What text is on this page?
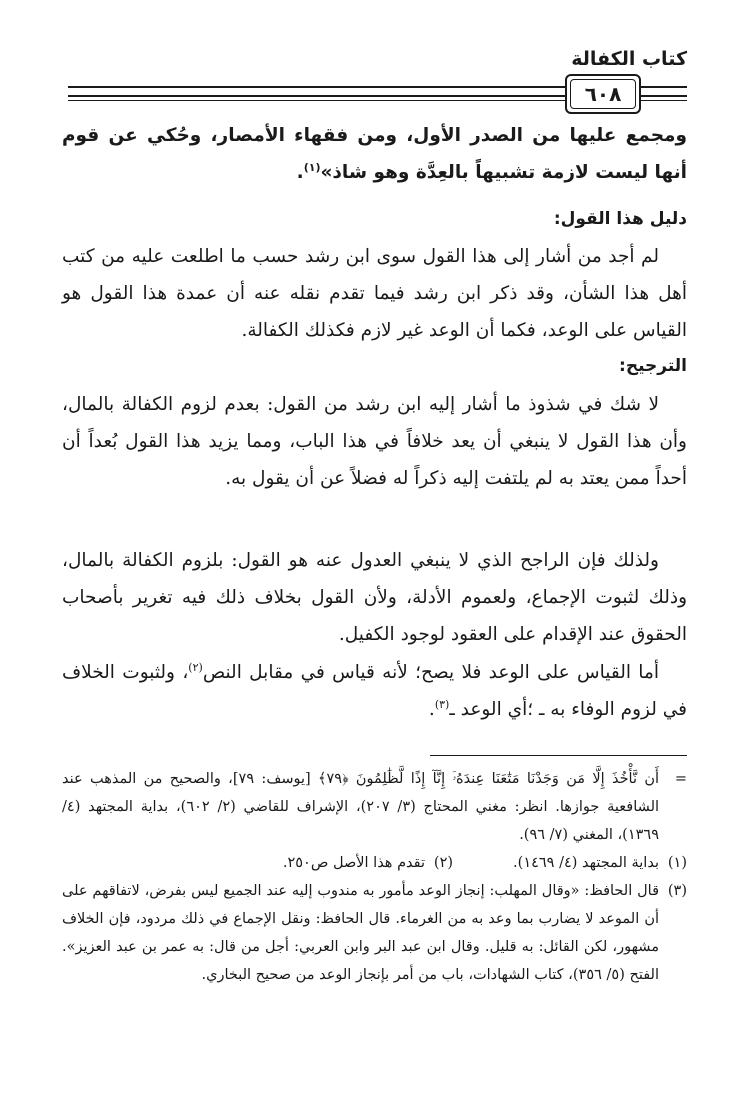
كتاب الكفالة
٦٠٨
ومجمع عليها من الصدر الأول، ومن فقهاء الأمصار، وحُكي عن قوم أنها ليست لازمة تشبيهاً بالعِدَّة وهو شاذ»$^{(١)}$.
دليل هذا القول:
لم أجد من أشار إلى هذا القول سوى ابن رشد حسب ما اطلعت عليه من كتب أهل هذا الشأن، وقد ذكر ابن رشد فيما تقدم نقله عنه أن عمدة هذا القول هو القياس على الوعد، فكما أن الوعد غير لازم فكذلك الكفالة.
الترجيح:
لا شك في شذوذ ما أشار إليه ابن رشد من القول: بعدم لزوم الكفالة بالمال، وأن هذا القول لا ينبغي أن يعد خلافاً في هذا الباب، ومما يزيد هذا القول بُعداً أن أحداً ممن يعتد به لم يلتفت إليه ذكراً له فضلاً عن أن يقول به.
ولذلك فإن الراجح الذي لا ينبغي العدول عنه هو القول: بلزوم الكفالة بالمال، وذلك لثبوت الإجماع، ولعموم الأدلة، ولأن القول بخلاف ذلك فيه تغرير بأصحاب الحقوق عند الإقدام على العقود لوجود الكفيل.
أما القياس على الوعد فلا يصح؛ لأنه قياس في مقابل النص$^{(٢)}$، ولثبوت الخلاف في لزوم الوفاء به ـ ؛أي الوعد ـ$^{(٣)}$.
=
أَن نَّأْخُذَ إِلَّا مَن وَجَدْنَا مَتَٰعَنَا عِندَهُۥٓ إِنَّآ إِذًا لَّظَٰلِمُونَ ﴿٧٩﴾ [يوسف: ٧٩]، والصحيح من المذهب عند الشافعية جوازها. انظر: مغني المحتاج (٣/ ٢٠٧)، الإشراف للقاضي (٢/ ٦٠٢)، بداية المجتهد (٤/ ١٣٦٩)، المغني (٧/ ٩٦).
(١)
بداية المجتهد (٤/ ١٤٦٩).
(٢)
تقدم هذا الأصل ص٢٥٠.
(٣)
قال الحافظ: «وقال المهلب: إنجاز الوعد مأمور به مندوب إليه عند الجميع ليس بفرض، لاتفاقهم على أن الموعد لا يضارب بما وعد به من الغرماء. قال الحافظ: ونقل الإجماع في ذلك مردود، فإن الخلاف مشهور، لكن القائل: به قليل. وقال ابن عبد البر وابن العربي: أجل من قال: به عمر بن عبد العزيز». الفتح (٥/ ٣٥٦)، كتاب الشهادات، باب من أمر بإنجاز الوعد من صحيح البخاري.
